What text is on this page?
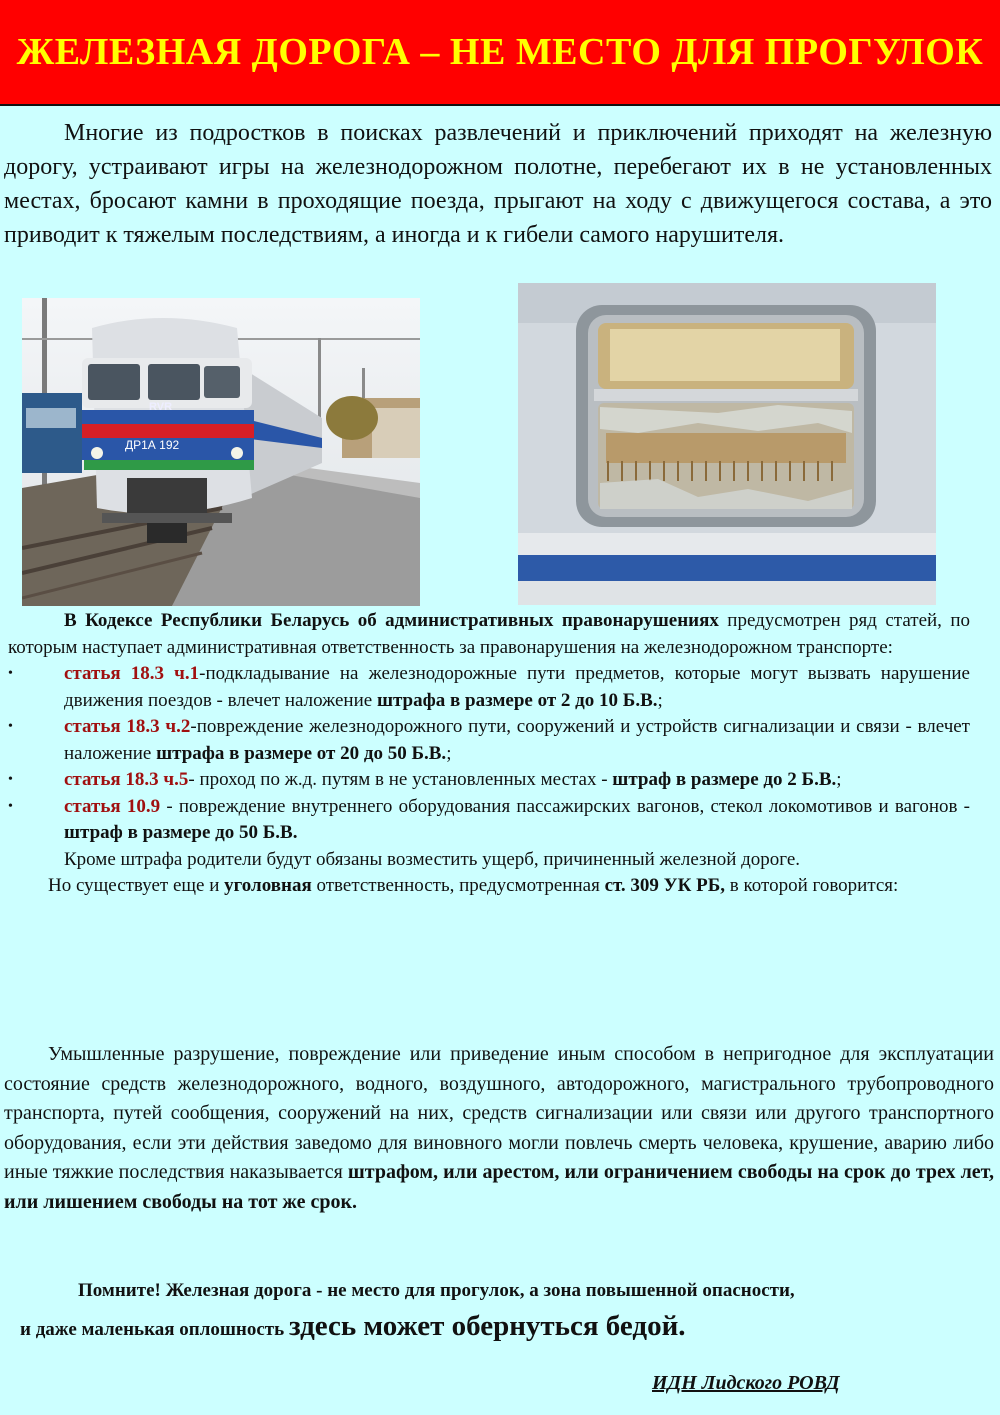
ЖЕЛЕЗНАЯ ДОРОГА – НЕ МЕСТО ДЛЯ ПРОГУЛОК

Многие из подростков в поисках развлечений и приключений приходят на железную дорогу, устраивают игры на железнодорожном полотне, перебегают их в не установленных местах, бросают камни в проходящие поезда, прыгают на ходу с движущегося состава, а это приводит к тяжелым последствиям, а иногда и к гибели самого нарушителя.

RVR
ДР1А 192

В Кодексе Республики Беларусь об административных правонарушениях предусмотрен ряд статей, по которым наступает административная ответственность за правонарушения на железнодорожном транспорте:

•	статья 18.3 ч.1-подкладывание на железнодорожные пути предметов, которые могут вызвать нарушение движения поездов - влечет наложение штрафа в размере от 2 до 10 Б.В.;
•	статья 18.3 ч.2-повреждение железнодорожного пути, сооружений и устройств сигнализации и связи - влечет наложение штрафа в размере от 20 до 50 Б.В.;
•	статья 18.3 ч.5- проход по ж.д. путям в не установленных местах - штраф в размере до 2 Б.В.;
•	статья 10.9 - повреждение внутреннего оборудования пассажирских вагонов, стекол локомотивов и вагонов - штраф в размере до 50 Б.В.

Кроме штрафа родители будут обязаны возместить ущерб, причиненный железной дороге.

Но существует еще и уголовная ответственность, предусмотренная ст. 309 УК РБ, в которой говорится:

Умышленные разрушение, повреждение или приведение иным способом в непригодное для эксплуатации состояние средств железнодорожного, водного, воздушного, автодорожного, магистрального трубопроводного транспорта, путей сообщения, сооружений на них, средств сигнализации или связи или другого транспортного оборудования, если эти действия заведомо для виновного могли повлечь смерть человека, крушение, аварию либо иные тяжкие последствия наказывается штрафом, или арестом, или ограничением свободы на срок до трех лет, или лишением свободы на тот же срок.

Помните! Железная дорога - не место для прогулок, а зона повышенной опасности,

и даже маленькая оплошность здесь может обернуться бедой.

ИДН Лидского РОВД
